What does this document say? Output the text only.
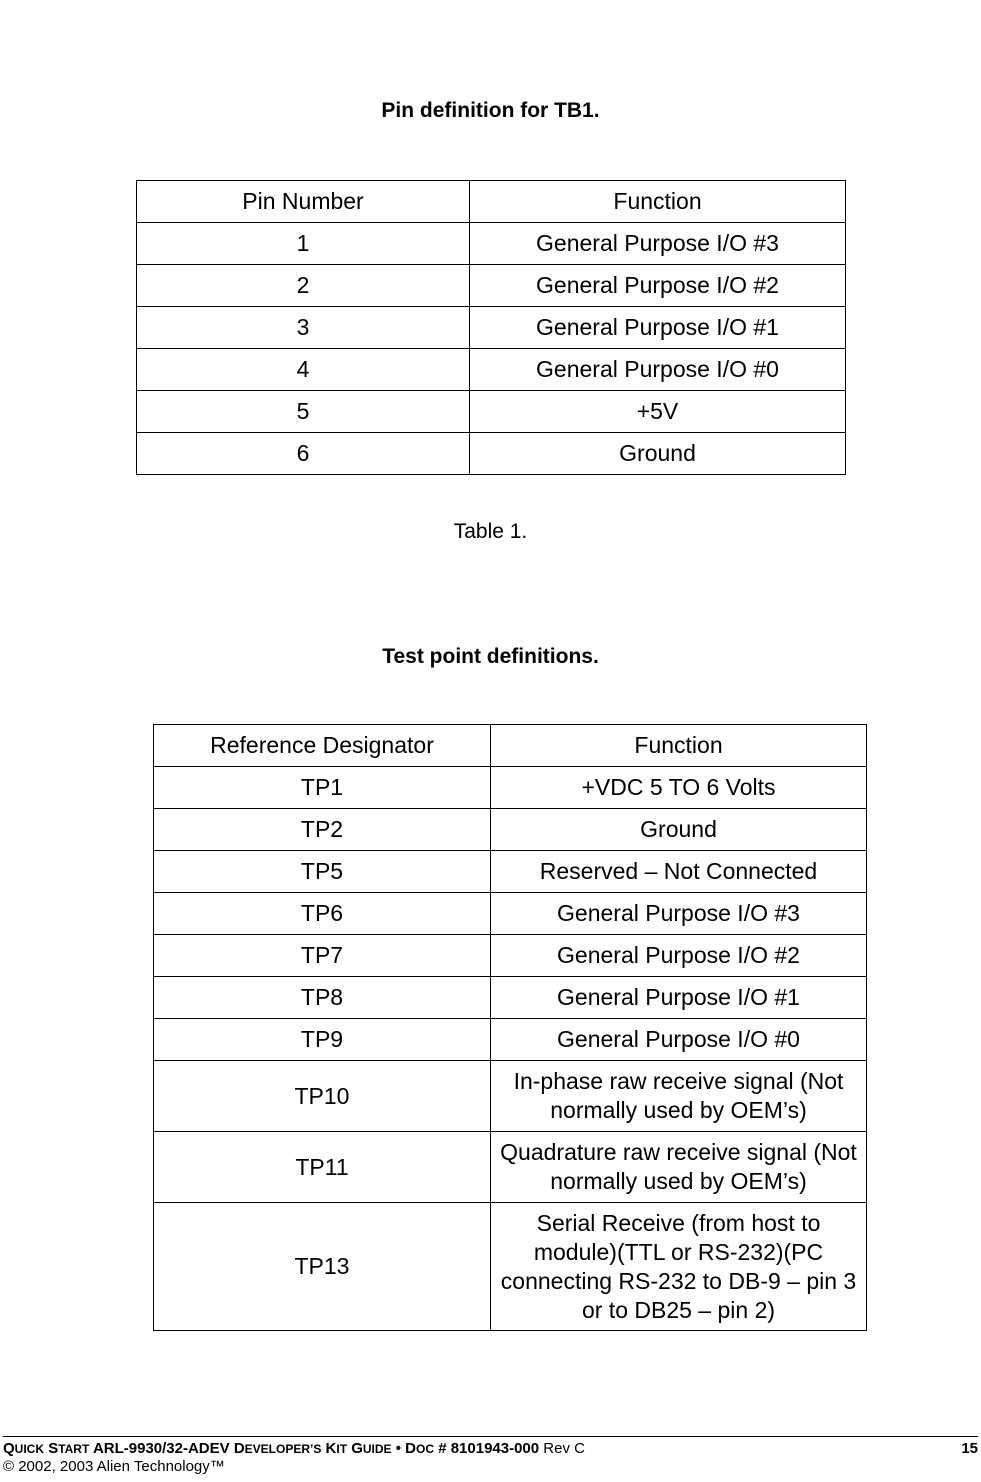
Pin definition for TB1.
Pin Number	Function
1	General Purpose I/O #3
2	General Purpose I/O #2
3	General Purpose I/O #1
4	General Purpose I/O #0
5	+5V
6	Ground
Table 1.
Test point definitions.
Reference Designator	Function
TP1	+VDC 5 TO 6 Volts
TP2	Ground
TP5	Reserved – Not Connected
TP6	General Purpose I/O #3
TP7	General Purpose I/O #2
TP8	General Purpose I/O #1
TP9	General Purpose I/O #0
TP10	In-phase raw receive signal (Not normally used by OEM’s)
TP11	Quadrature raw receive signal (Not normally used by OEM’s)
TP13	Serial Receive (from host to module)(TTL or RS-232)(PC connecting RS-232 to DB-9 – pin 3 or to DB25 – pin 2)
QUICK START ARL-9930/32-ADEV DEVELOPER’S KIT GUIDE • DOC # 8101943-000 Rev C	15
© 2002, 2003 Alien Technology™
